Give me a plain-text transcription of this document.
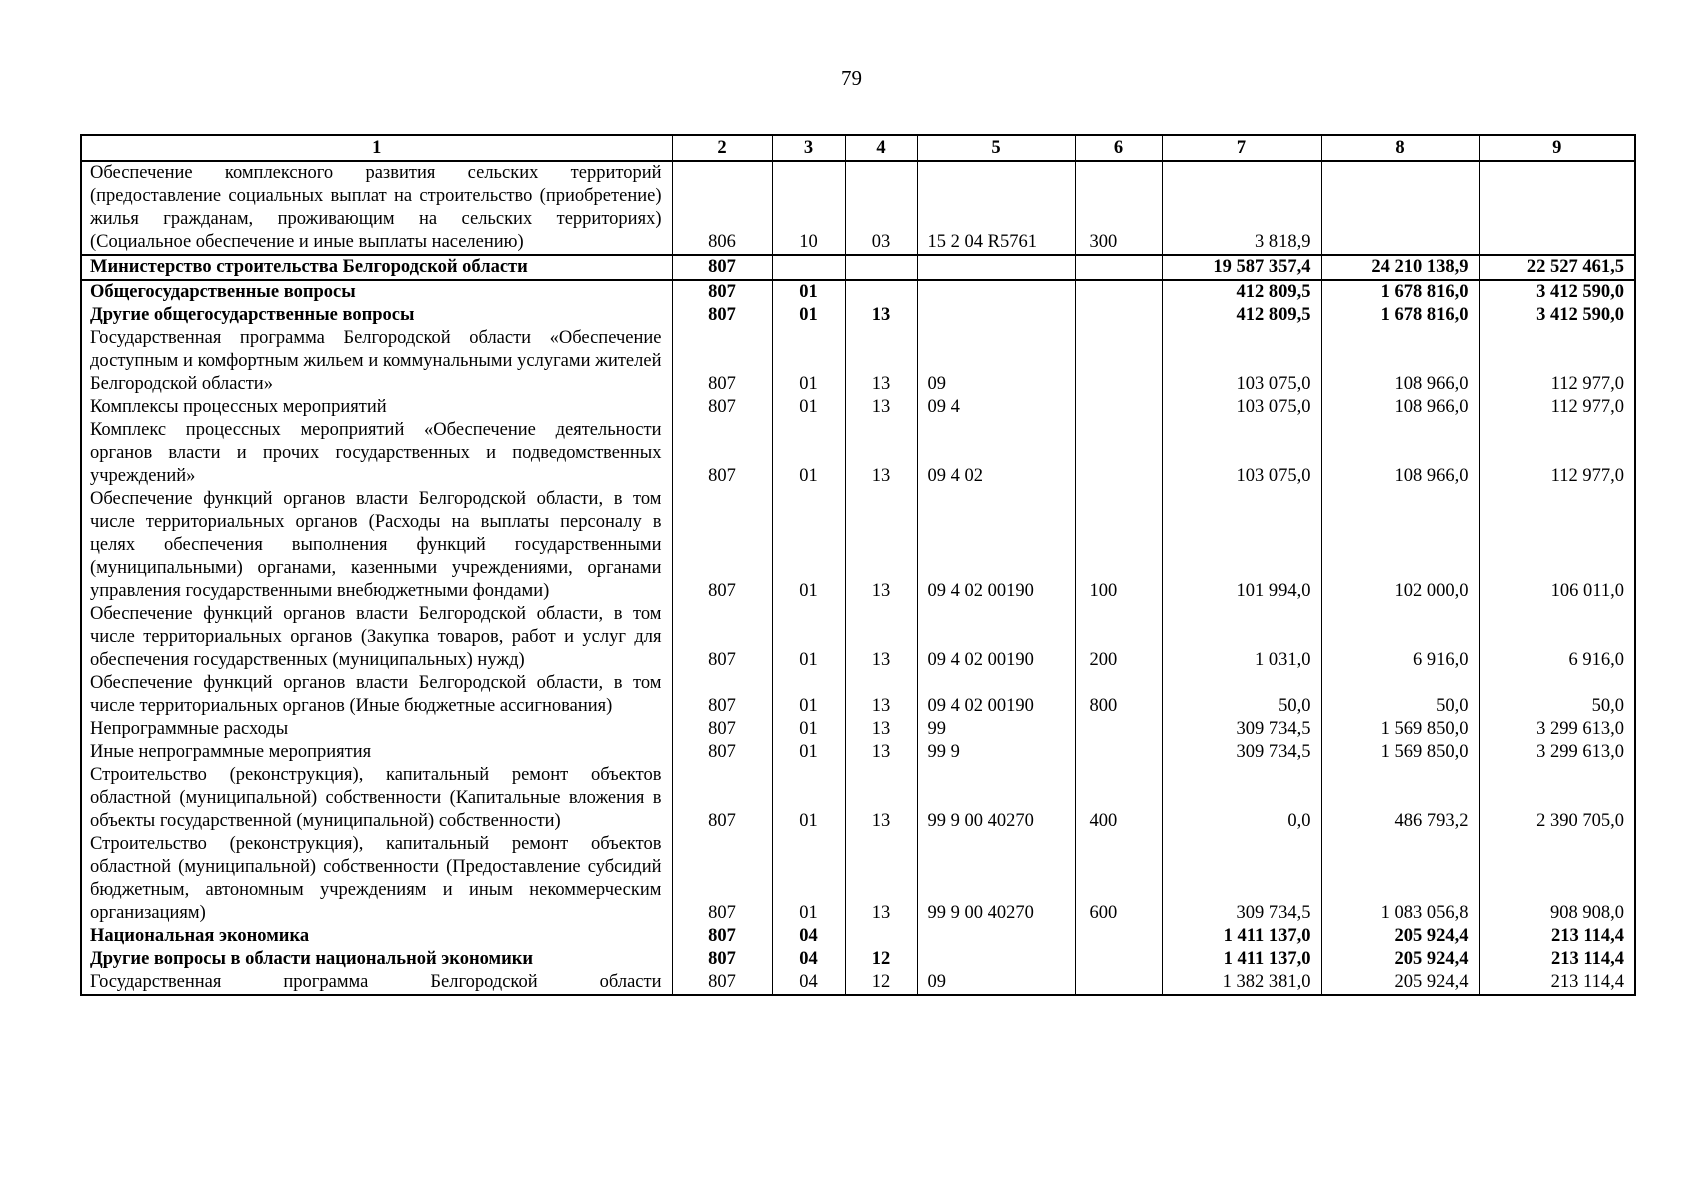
79
1	2	3	4	5	6	7	8	9
Обеспечение комплексного развития сельских территорий (предоставление социальных выплат на строительство (приобретение) жилья гражданам, проживающим на сельских территориях) (Социальное обеспечение и иные выплаты населению)	806	10	03	15 2 04 R5761	300	3 818,9		
Министерство строительства Белгородской области	807					19 587 357,4	24 210 138,9	22 527 461,5
Общегосударственные вопросы	807	01				412 809,5	1 678 816,0	3 412 590,0
Другие общегосударственные вопросы	807	01	13			412 809,5	1 678 816,0	3 412 590,0
Государственная программа Белгородской области «Обеспечение доступным и комфортным жильем и коммунальными услугами жителей Белгородской области»	807	01	13	09		103 075,0	108 966,0	112 977,0
Комплексы процессных мероприятий	807	01	13	09 4		103 075,0	108 966,0	112 977,0
Комплекс процессных мероприятий «Обеспечение деятельности органов власти и прочих государственных и подведомственных учреждений»	807	01	13	09 4 02		103 075,0	108 966,0	112 977,0
Обеспечение функций органов власти Белгородской области, в том числе территориальных органов (Расходы на выплаты персоналу в целях обеспечения выполнения функций государственными (муниципальными) органами, казенными учреждениями, органами управления государственными внебюджетными фондами)	807	01	13	09 4 02 00190	100	101 994,0	102 000,0	106 011,0
Обеспечение функций органов власти Белгородской области, в том числе территориальных органов (Закупка товаров, работ и услуг для обеспечения государственных (муниципальных) нужд)	807	01	13	09 4 02 00190	200	1 031,0	6 916,0	6 916,0
Обеспечение функций органов власти Белгородской области, в том числе территориальных органов (Иные бюджетные ассигнования)	807	01	13	09 4 02 00190	800	50,0	50,0	50,0
Непрограммные расходы	807	01	13	99		309 734,5	1 569 850,0	3 299 613,0
Иные непрограммные мероприятия	807	01	13	99 9		309 734,5	1 569 850,0	3 299 613,0
Строительство (реконструкция), капитальный ремонт объектов областной (муниципальной) собственности (Капитальные вложения в объекты государственной (муниципальной) собственности)	807	01	13	99 9 00 40270	400	0,0	486 793,2	2 390 705,0
Строительство (реконструкция), капитальный ремонт объектов областной (муниципальной) собственности (Предоставление субсидий бюджетным, автономным учреждениям и иным некоммерческим организациям)	807	01	13	99 9 00 40270	600	309 734,5	1 083 056,8	908 908,0
Национальная экономика	807	04				1 411 137,0	205 924,4	213 114,4
Другие вопросы в области национальной экономики	807	04	12			1 411 137,0	205 924,4	213 114,4
Государственная программа Белгородской области	807	04	12	09		1 382 381,0	205 924,4	213 114,4
